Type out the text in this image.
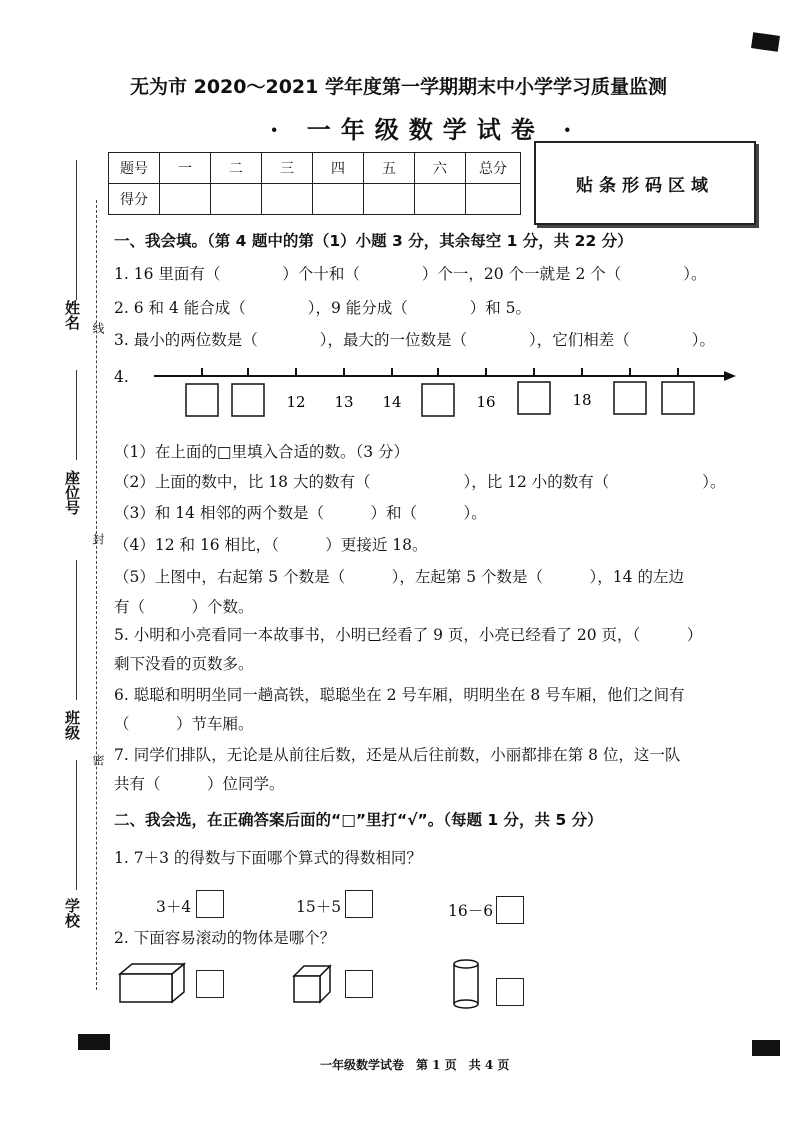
无为市 2020～2021 学年度第一学期期末中小学学习质量监测
· 一年级数学试卷 ·
题号	一	二	三	四	五	六	总分
得分							
贴条形码区域
姓名 线
座位号
封
班级
密
学校
一、我会填。（第 4 题中的第（1）小题 3 分，其余每空 1 分，共 22 分）
1. 16 里面有（　　　　）个十和（　　　　）个一，20 个一就是 2 个（　　　　）。
2. 6 和 4 能合成（　　　　），9 能分成（　　　　）和 5。
3. 最小的两位数是（　　　　），最大的一位数是（　　　　），它们相差（　　　　）。
4.
12 13 14	16	18
（1）在上面的□里填入合适的数。（3 分）
（2）上面的数中，比 18 大的数有（　　　　　　），比 12 小的数有（　　　　　　）。
（3）和 14 相邻的两个数是（　　　）和（　　　）。
（4）12 和 16 相比，（　　　）更接近 18。
（5）上图中，右起第 5 个数是（　　　），左起第 5 个数是（　　　），14 的左边
有（　　　）个数。
5. 小明和小亮看同一本故事书，小明已经看了 9 页，小亮已经看了 20 页，（　　　）
剩下没看的页数多。
6. 聪聪和明明坐同一趟高铁，聪聪坐在 2 号车厢，明明坐在 8 号车厢，他们之间有
（　　　）节车厢。
7. 同学们排队，无论是从前往后数，还是从后往前数，小丽都排在第 8 位，这一队
共有（　　　）位同学。
二、我会选，在正确答案后面的“□”里打“√”。（每题 1 分，共 5 分）
1. 7＋3 的得数与下面哪个算式的得数相同？
3＋4	15＋5	16－6
2. 下面容易滚动的物体是哪个？
一年级数学试卷　第 1 页　共 4 页
